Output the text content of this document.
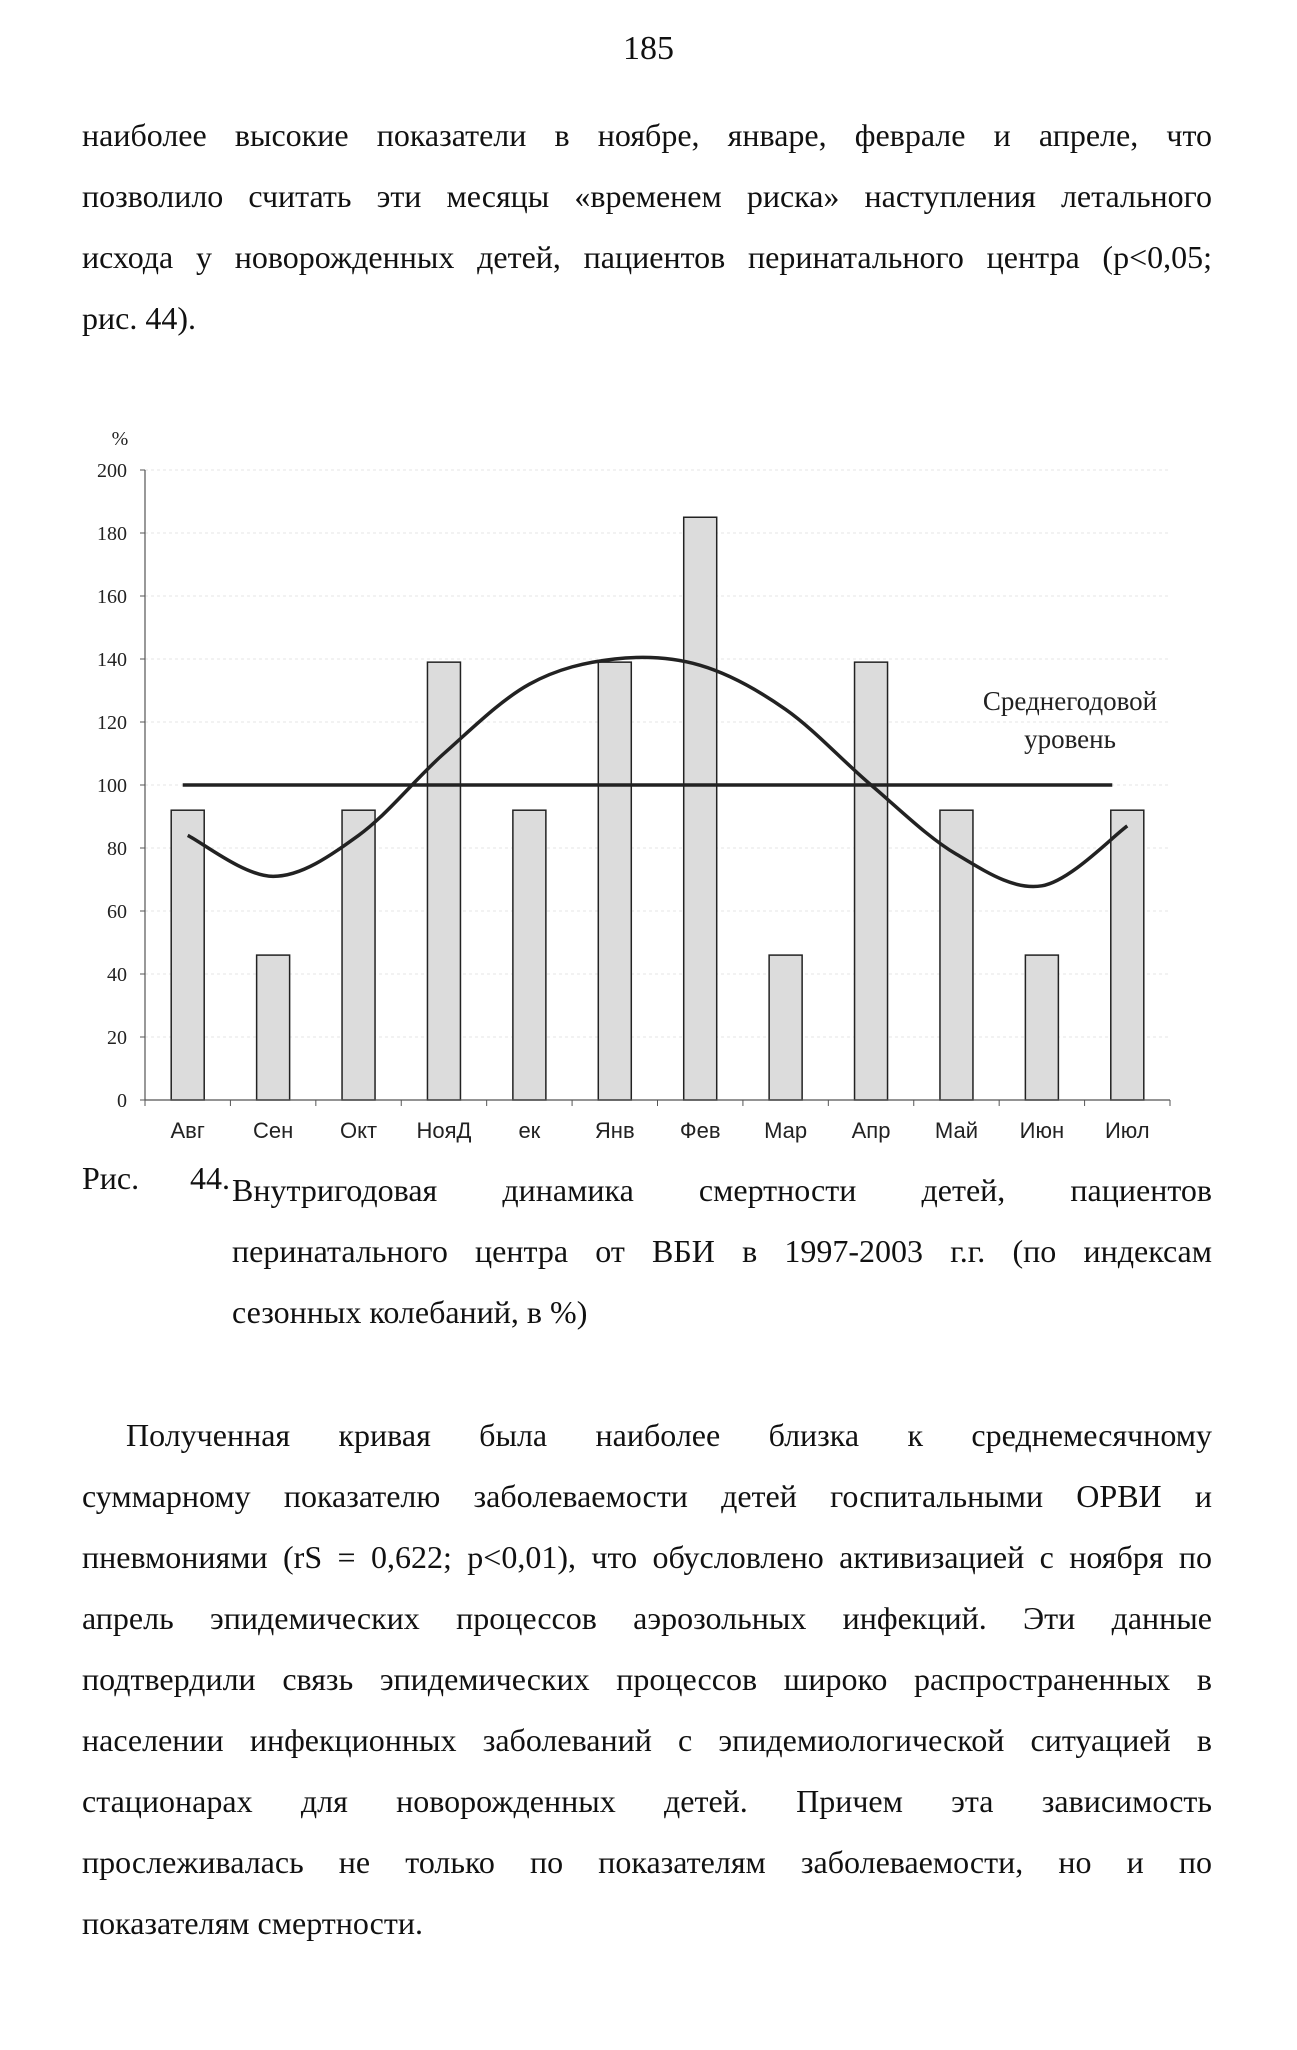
185
наиболее высокие показатели в ноябре, январе, феврале и апреле, что
позволило считать эти месяцы «временем риска» наступления летального
исхода у новорожденных детей, пациентов перинатального центра (p<0,05;
рис. 44).
0
20
40
60
80
100
120
140
160
180
200
Авг Сен Окт НояД ек Янв Фев Мар Апр Май Июн Июл
%
Среднегодовой
уровень
Рис. 44. Внутригодовая динамика смертности детей, пациентов
перинатального центра от ВБИ в 1997-2003 г.г. (по индексам
сезонных колебаний, в %)
Полученная кривая была наиболее близка к среднемесячному
суммарному показателю заболеваемости детей госпитальными ОРВИ и
пневмониями (rS = 0,622; p<0,01), что обусловлено активизацией с ноября по
апрель эпидемических процессов аэрозольных инфекций. Эти данные
подтвердили связь эпидемических процессов широко распространенных в
населении инфекционных заболеваний с эпидемиологической ситуацией в
стационарах для новорожденных детей. Причем эта зависимость
прослеживалась не только по показателям заболеваемости, но и по
показателям смертности.
